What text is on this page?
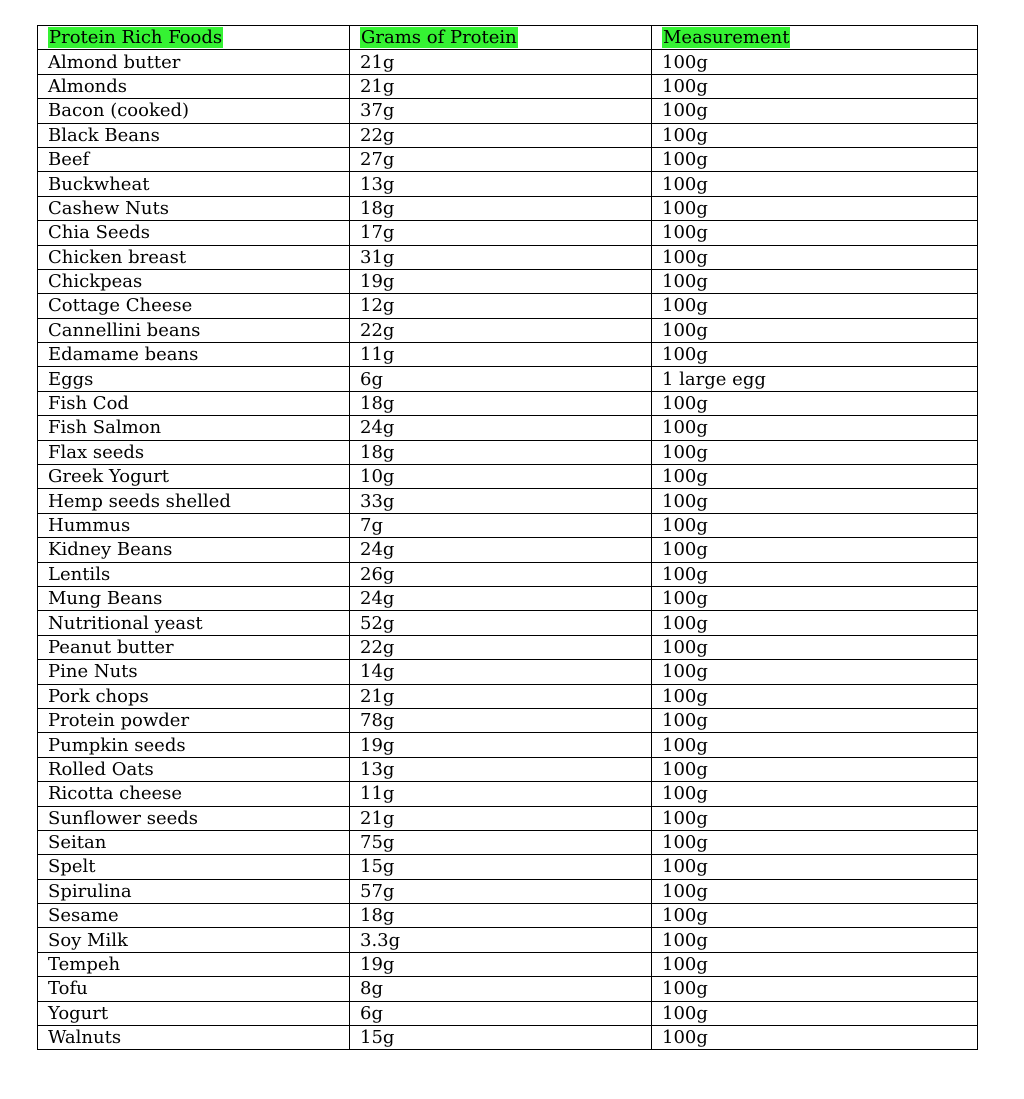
Protein Rich Foods	Grams of Protein	Measurement
Almond butter	21g	100g
Almonds	21g	100g
Bacon (cooked)	37g	100g
Black Beans	22g	100g
Beef	27g	100g
Buckwheat	13g	100g
Cashew Nuts	18g	100g
Chia Seeds	17g	100g
Chicken breast	31g	100g
Chickpeas	19g	100g
Cottage Cheese	12g	100g
Cannellini beans	22g	100g
Edamame beans	11g	100g
Eggs	6g	1 large egg
Fish Cod	18g	100g
Fish Salmon	24g	100g
Flax seeds	18g	100g
Greek Yogurt	10g	100g
Hemp seeds shelled	33g	100g
Hummus	7g	100g
Kidney Beans	24g	100g
Lentils	26g	100g
Mung Beans	24g	100g
Nutritional yeast	52g	100g
Peanut butter	22g	100g
Pine Nuts	14g	100g
Pork chops	21g	100g
Protein powder	78g	100g
Pumpkin seeds	19g	100g
Rolled Oats	13g	100g
Ricotta cheese	11g	100g
Sunflower seeds	21g	100g
Seitan	75g	100g
Spelt	15g	100g
Spirulina	57g	100g
Sesame	18g	100g
Soy Milk	3.3g	100g
Tempeh	19g	100g
Tofu	8g	100g
Yogurt	6g	100g
Walnuts	15g	100g
